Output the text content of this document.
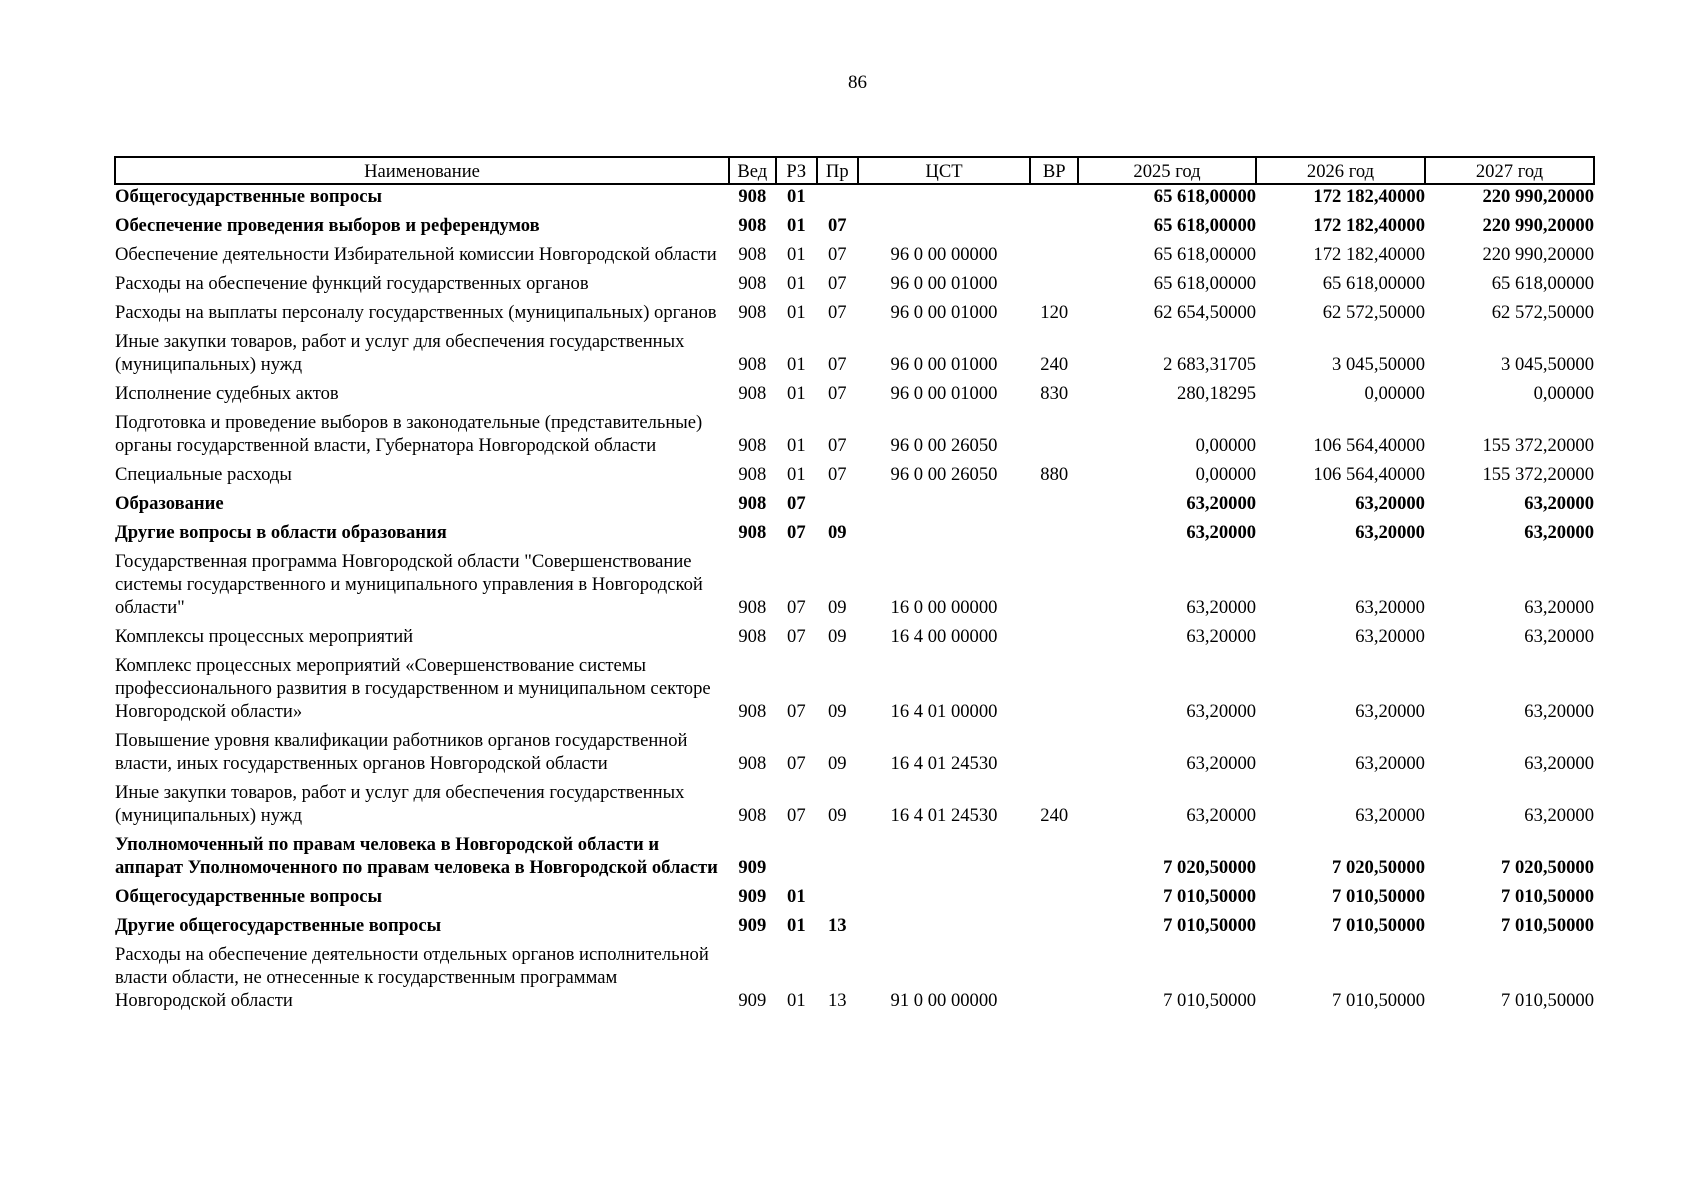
86
Наименование	Вед	РЗ	Пр	ЦСТ	ВР	2025 год	2026 год	2027 год
Общегосударственные вопросы	908	01				65 618,00000	172 182,40000	220 990,20000
Обеспечение проведения выборов и референдумов	908	01	07			65 618,00000	172 182,40000	220 990,20000
Обеспечение деятельности Избирательной комиссии Новгородской области	908	01	07	96 0 00 00000		65 618,00000	172 182,40000	220 990,20000
Расходы на обеспечение функций государственных органов	908	01	07	96 0 00 01000		65 618,00000	65 618,00000	65 618,00000
Расходы на выплаты персоналу государственных (муниципальных) органов	908	01	07	96 0 00 01000	120	62 654,50000	62 572,50000	62 572,50000
Иные закупки товаров, работ и услуг для обеспечения государственных (муниципальных) нужд	908	01	07	96 0 00 01000	240	2 683,31705	3 045,50000	3 045,50000
Исполнение судебных актов	908	01	07	96 0 00 01000	830	280,18295	0,00000	0,00000
Подготовка и проведение выборов в законодательные (представительные) органы государственной власти, Губернатора Новгородской области	908	01	07	96 0 00 26050		0,00000	106 564,40000	155 372,20000
Специальные расходы	908	01	07	96 0 00 26050	880	0,00000	106 564,40000	155 372,20000
Образование	908	07				63,20000	63,20000	63,20000
Другие вопросы в области образования	908	07	09			63,20000	63,20000	63,20000
Государственная программа Новгородской области "Совершенствование системы государственного и муниципального управления в Новгородской области"	908	07	09	16 0 00 00000		63,20000	63,20000	63,20000
Комплексы процессных мероприятий	908	07	09	16 4 00 00000		63,20000	63,20000	63,20000
Комплекс процессных мероприятий «Совершенствование системы профессионального развития в государственном и муниципальном секторе Новгородской области»	908	07	09	16 4 01 00000		63,20000	63,20000	63,20000
Повышение уровня квалификации работников органов государственной власти, иных государственных органов Новгородской области	908	07	09	16 4 01 24530		63,20000	63,20000	63,20000
Иные закупки товаров, работ и услуг для обеспечения государственных (муниципальных) нужд	908	07	09	16 4 01 24530	240	63,20000	63,20000	63,20000
Уполномоченный по правам человека в Новгородской области и аппарат Уполномоченного по правам человека в Новгородской области	909					7 020,50000	7 020,50000	7 020,50000
Общегосударственные вопросы	909	01				7 010,50000	7 010,50000	7 010,50000
Другие общегосударственные вопросы	909	01	13			7 010,50000	7 010,50000	7 010,50000
Расходы на обеспечение деятельности отдельных органов исполнительной власти области, не отнесенные к государственным программам Новгородской области	909	01	13	91 0 00 00000		7 010,50000	7 010,50000	7 010,50000
